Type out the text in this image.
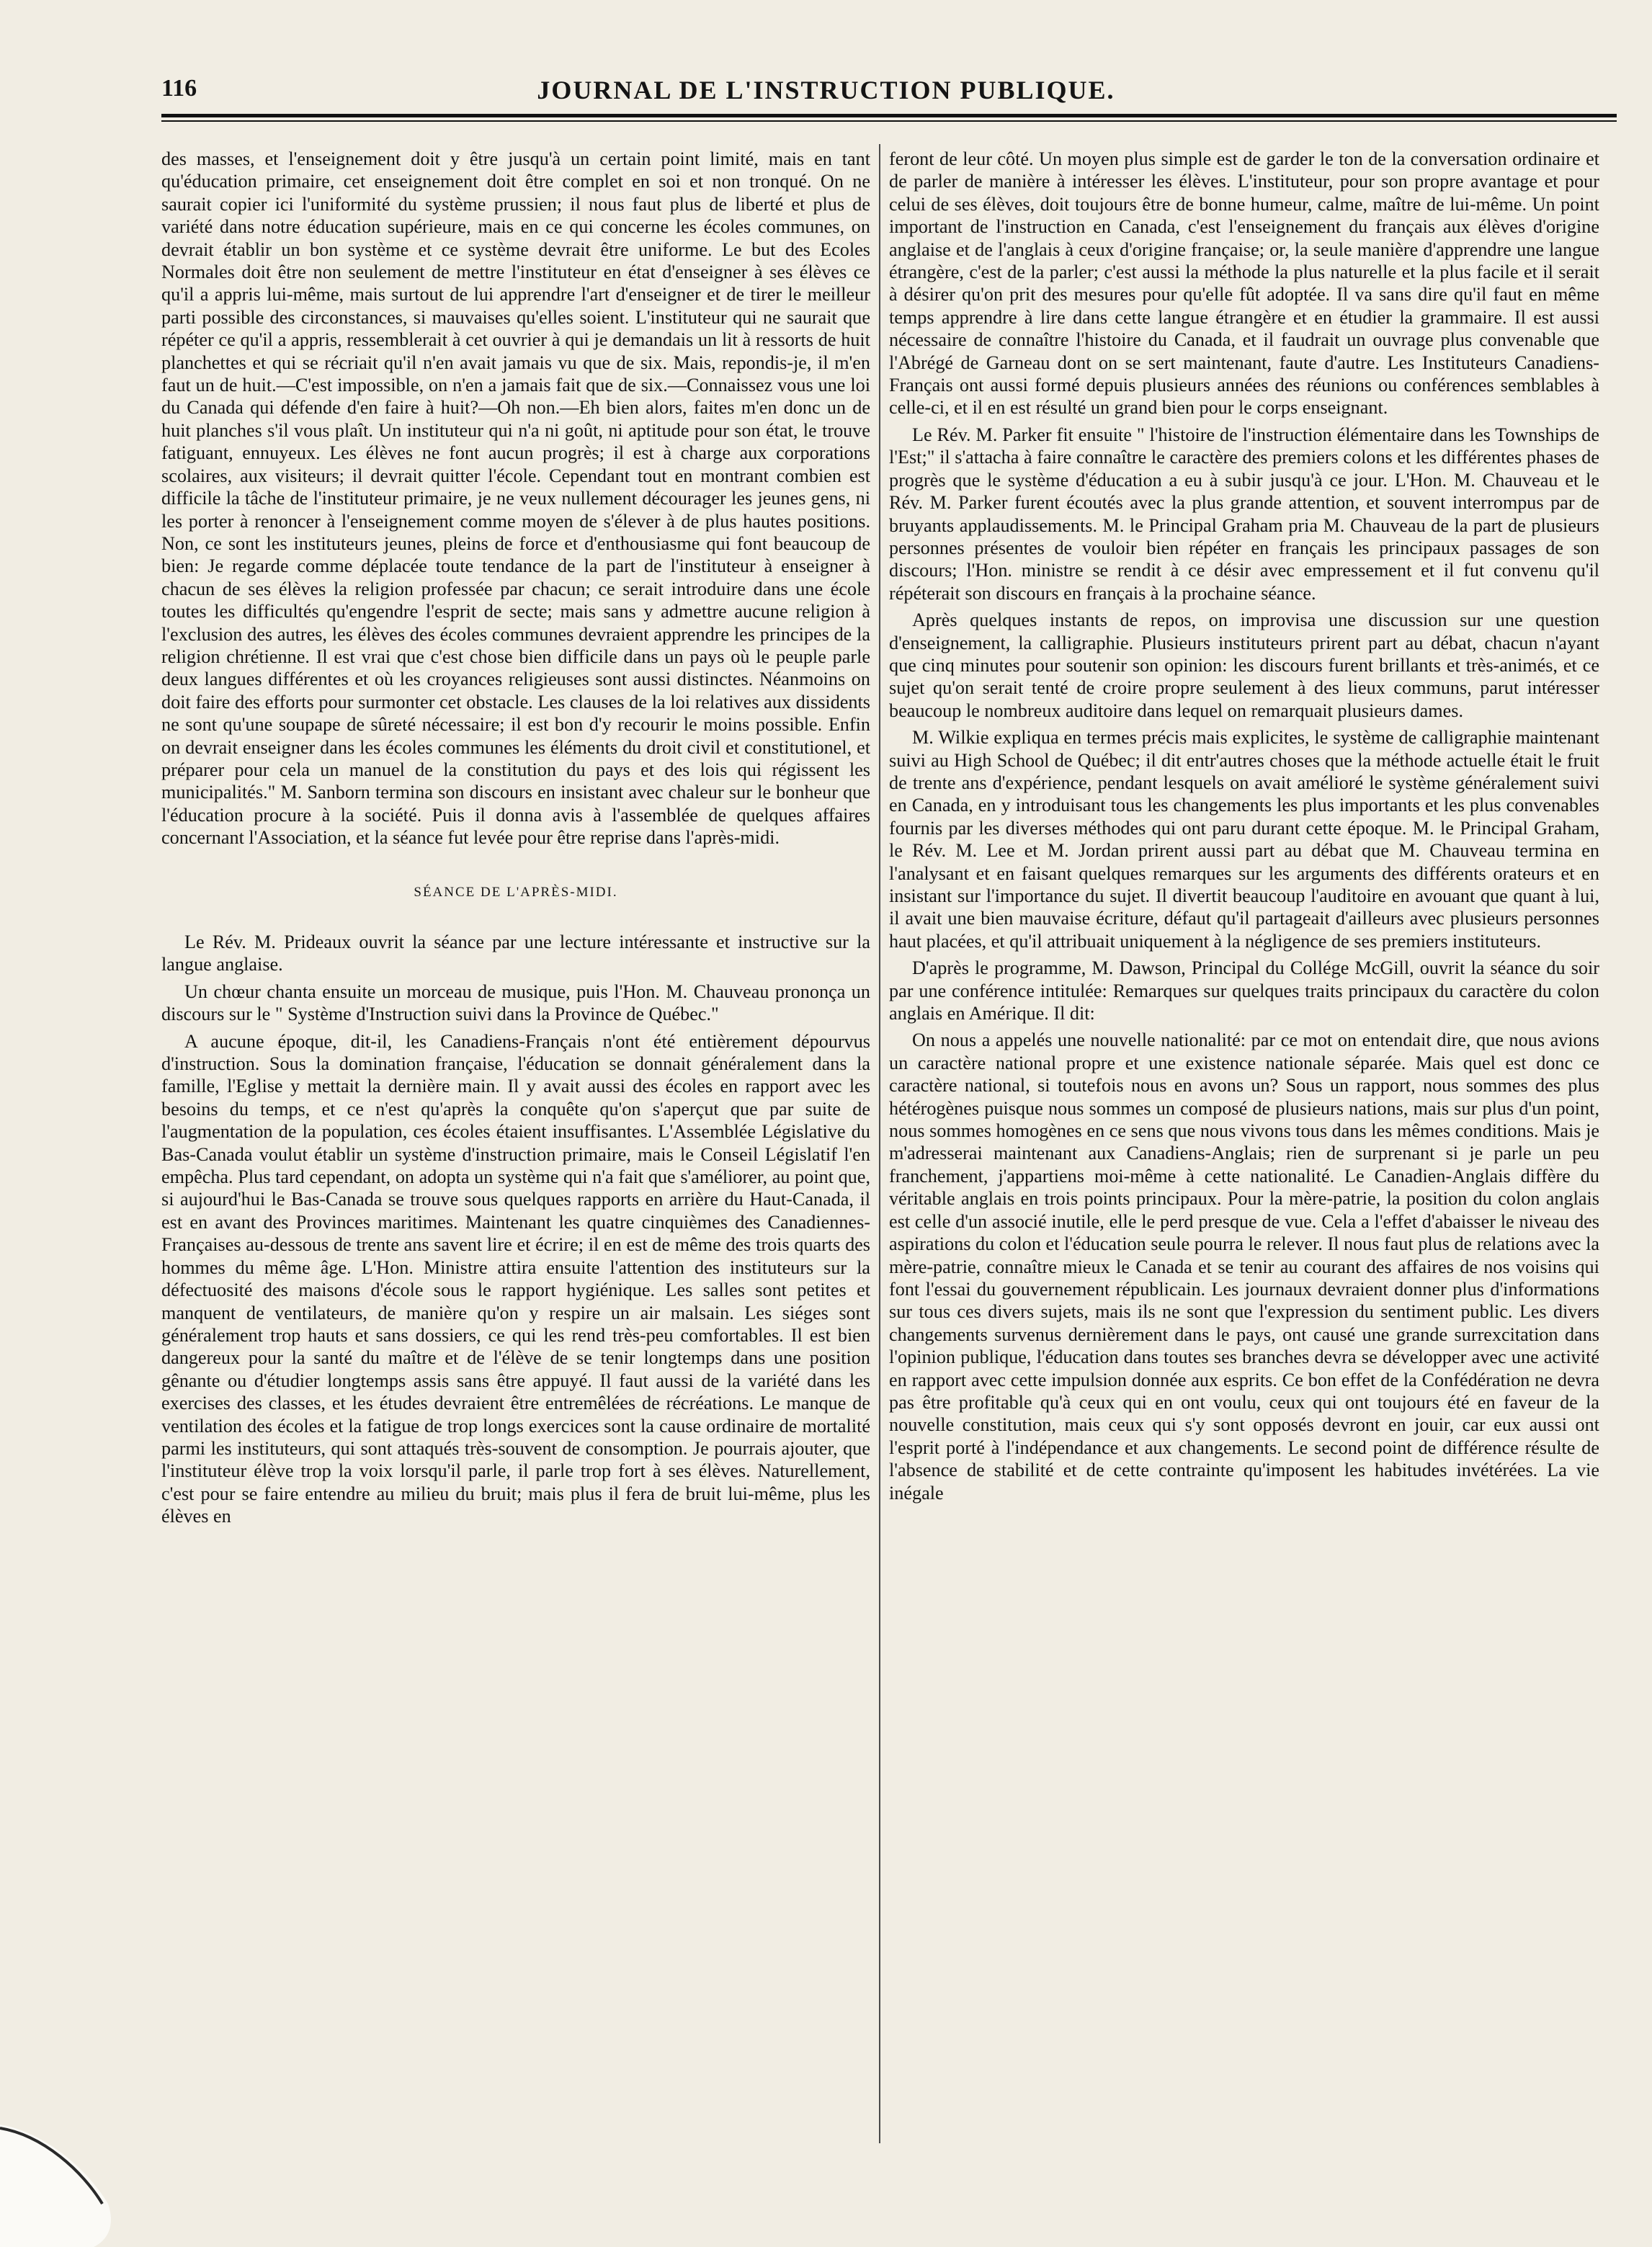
116	JOURNAL DE L'INSTRUCTION PUBLIQUE.

des masses, et l'enseignement doit y être jusqu'à un certain point limité, mais en tant qu'éducation primaire, cet enseignement doit être complet en soi et non tronqué. On ne saurait copier ici l'uniformité du système prussien; il nous faut plus de liberté et plus de variété dans notre éducation supérieure, mais en ce qui concerne les écoles communes, on devrait établir un bon système et ce système devrait être uniforme. Le but des Ecoles Normales doit être non seulement de mettre l'instituteur en état d'enseigner à ses élèves ce qu'il a appris lui-même, mais surtout de lui apprendre l'art d'enseigner et de tirer le meilleur parti possible des circonstances, si mauvaises qu'elles soient. L'instituteur qui ne saurait que répéter ce qu'il a appris, ressemblerait à cet ouvrier à qui je demandais un lit à ressorts de huit planchettes et qui se récriait qu'il n'en avait jamais vu que de six. Mais, repondis-je, il m'en faut un de huit.—C'est impossible, on n'en a jamais fait que de six.—Connaissez vous une loi du Canada qui défende d'en faire à huit?—Oh non.—Eh bien alors, faites m'en donc un de huit planches s'il vous plaît. Un instituteur qui n'a ni goût, ni aptitude pour son état, le trouve fatiguant, ennuyeux. Les élèves ne font aucun progrès; il est à charge aux corporations scolaires, aux visiteurs; il devrait quitter l'école. Cependant tout en montrant combien est difficile la tâche de l'instituteur primaire, je ne veux nullement décourager les jeunes gens, ni les porter à renoncer à l'enseignement comme moyen de s'élever à de plus hautes positions. Non, ce sont les instituteurs jeunes, pleins de force et d'enthousiasme qui font beaucoup de bien: Je regarde comme déplacée toute tendance de la part de l'instituteur à enseigner à chacun de ses élèves la religion professée par chacun; ce serait introduire dans une école toutes les difficultés qu'engendre l'esprit de secte; mais sans y admettre aucune religion à l'exclusion des autres, les élèves des écoles communes devraient apprendre les principes de la religion chrétienne. Il est vrai que c'est chose bien difficile dans un pays où le peuple parle deux langues différentes et où les croyances religieuses sont aussi distinctes. Néanmoins on doit faire des efforts pour surmonter cet obstacle. Les clauses de la loi relatives aux dissidents ne sont qu'une soupape de sûreté nécessaire; il est bon d'y recourir le moins possible. Enfin on devrait enseigner dans les écoles communes les éléments du droit civil et constitutionel, et préparer pour cela un manuel de la constitution du pays et des lois qui régissent les municipalités." M. Sanborn termina son discours en insistant avec chaleur sur le bonheur que l'éducation procure à la société. Puis il donna avis à l'assemblée de quelques affaires concernant l'Association, et la séance fut levée pour être reprise dans l'après-midi.

SÉANCE DE L'APRÈS-MIDI.

Le Rév. M. Prideaux ouvrit la séance par une lecture intéressante et instructive sur la langue anglaise.

Un chœur chanta ensuite un morceau de musique, puis l'Hon. M. Chauveau prononça un discours sur le " Système d'Instruction suivi dans la Province de Québec."

A aucune époque, dit-il, les Canadiens-Français n'ont été entièrement dépourvus d'instruction. Sous la domination française, l'éducation se donnait généralement dans la famille, l'Eglise y mettait la dernière main. Il y avait aussi des écoles en rapport avec les besoins du temps, et ce n'est qu'après la conquête qu'on s'aperçut que par suite de l'augmentation de la population, ces écoles étaient insuffisantes. L'Assemblée Législative du Bas-Canada voulut établir un système d'instruction primaire, mais le Conseil Législatif l'en empêcha. Plus tard cependant, on adopta un système qui n'a fait que s'améliorer, au point que, si aujourd'hui le Bas-Canada se trouve sous quelques rapports en arrière du Haut-Canada, il est en avant des Provinces maritimes. Maintenant les quatre cinquièmes des Canadiennes-Françaises au-dessous de trente ans savent lire et écrire; il en est de même des trois quarts des hommes du même âge. L'Hon. Ministre attira ensuite l'attention des instituteurs sur la défectuosité des maisons d'école sous le rapport hygiénique. Les salles sont petites et manquent de ventilateurs, de manière qu'on y respire un air malsain. Les siéges sont généralement trop hauts et sans dossiers, ce qui les rend très-peu comfortables. Il est bien dangereux pour la santé du maître et de l'élève de se tenir longtemps dans une position gênante ou d'étudier longtemps assis sans être appuyé. Il faut aussi de la variété dans les exercises des classes, et les études devraient être entremêlées de récréations. Le manque de ventilation des écoles et la fatigue de trop longs exercices sont la cause ordinaire de mortalité parmi les instituteurs, qui sont attaqués très-souvent de consomption. Je pourrais ajouter, que l'instituteur élève trop la voix lorsqu'il parle, il parle trop fort à ses élèves. Naturellement, c'est pour se faire entendre au milieu du bruit; mais plus il fera de bruit lui-même, plus les élèves en

feront de leur côté. Un moyen plus simple est de garder le ton de la conversation ordinaire et de parler de manière à intéresser les élèves. L'instituteur, pour son propre avantage et pour celui de ses élèves, doit toujours être de bonne humeur, calme, maître de lui-même. Un point important de l'instruction en Canada, c'est l'enseignement du français aux élèves d'origine anglaise et de l'anglais à ceux d'origine française; or, la seule manière d'apprendre une langue étrangère, c'est de la parler; c'est aussi la méthode la plus naturelle et la plus facile et il serait à désirer qu'on prit des mesures pour qu'elle fût adoptée. Il va sans dire qu'il faut en même temps apprendre à lire dans cette langue étrangère et en étudier la grammaire. Il est aussi nécessaire de connaître l'histoire du Canada, et il faudrait un ouvrage plus convenable que l'Abrégé de Garneau dont on se sert maintenant, faute d'autre. Les Instituteurs Canadiens-Français ont aussi formé depuis plusieurs années des réunions ou conférences semblables à celle-ci, et il en est résulté un grand bien pour le corps enseignant.

Le Rév. M. Parker fit ensuite " l'histoire de l'instruction élémentaire dans les Townships de l'Est;" il s'attacha à faire connaître le caractère des premiers colons et les différentes phases de progrès que le système d'éducation a eu à subir jusqu'à ce jour. L'Hon. M. Chauveau et le Rév. M. Parker furent écoutés avec la plus grande attention, et souvent interrompus par de bruyants applaudissements. M. le Principal Graham pria M. Chauveau de la part de plusieurs personnes présentes de vouloir bien répéter en français les principaux passages de son discours; l'Hon. ministre se rendit à ce désir avec empressement et il fut convenu qu'il répéterait son discours en français à la prochaine séance.

Après quelques instants de repos, on improvisa une discussion sur une question d'enseignement, la calligraphie. Plusieurs instituteurs prirent part au débat, chacun n'ayant que cinq minutes pour soutenir son opinion: les discours furent brillants et très-animés, et ce sujet qu'on serait tenté de croire propre seulement à des lieux communs, parut intéresser beaucoup le nombreux auditoire dans lequel on remarquait plusieurs dames.

M. Wilkie expliqua en termes précis mais explicites, le système de calligraphie maintenant suivi au High School de Québec; il dit entr'autres choses que la méthode actuelle était le fruit de trente ans d'expérience, pendant lesquels on avait amélioré le système généralement suivi en Canada, en y introduisant tous les changements les plus importants et les plus convenables fournis par les diverses méthodes qui ont paru durant cette époque. M. le Principal Graham, le Rév. M. Lee et M. Jordan prirent aussi part au débat que M. Chauveau termina en l'analysant et en faisant quelques remarques sur les arguments des différents orateurs et en insistant sur l'importance du sujet. Il divertit beaucoup l'auditoire en avouant que quant à lui, il avait une bien mauvaise écriture, défaut qu'il partageait d'ailleurs avec plusieurs personnes haut placées, et qu'il attribuait uniquement à la négligence de ses premiers instituteurs.

D'après le programme, M. Dawson, Principal du Collége McGill, ouvrit la séance du soir par une conférence intitulée: Remarques sur quelques traits principaux du caractère du colon anglais en Amérique. Il dit:

On nous a appelés une nouvelle nationalité: par ce mot on entendait dire, que nous avions un caractère national propre et une existence nationale séparée. Mais quel est donc ce caractère national, si toutefois nous en avons un? Sous un rapport, nous sommes des plus hétérogènes puisque nous sommes un composé de plusieurs nations, mais sur plus d'un point, nous sommes homogènes en ce sens que nous vivons tous dans les mêmes conditions. Mais je m'adresserai maintenant aux Canadiens-Anglais; rien de surprenant si je parle un peu franchement, j'appartiens moi-même à cette nationalité. Le Canadien-Anglais diffère du véritable anglais en trois points principaux. Pour la mère-patrie, la position du colon anglais est celle d'un associé inutile, elle le perd presque de vue. Cela a l'effet d'abaisser le niveau des aspirations du colon et l'éducation seule pourra le relever. Il nous faut plus de relations avec la mère-patrie, connaître mieux le Canada et se tenir au courant des affaires de nos voisins qui font l'essai du gouvernement républicain. Les journaux devraient donner plus d'informations sur tous ces divers sujets, mais ils ne sont que l'expression du sentiment public. Les divers changements survenus dernièrement dans le pays, ont causé une grande surrexcitation dans l'opinion publique, l'éducation dans toutes ses branches devra se développer avec une activité en rapport avec cette impulsion donnée aux esprits. Ce bon effet de la Confédération ne devra pas être profitable qu'à ceux qui en ont voulu, ceux qui ont toujours été en faveur de la nouvelle constitution, mais ceux qui s'y sont opposés devront en jouir, car eux aussi ont l'esprit porté à l'indépendance et aux changements. Le second point de différence résulte de l'absence de stabilité et de cette contrainte qu'imposent les habitudes invétérées. La vie inégale
